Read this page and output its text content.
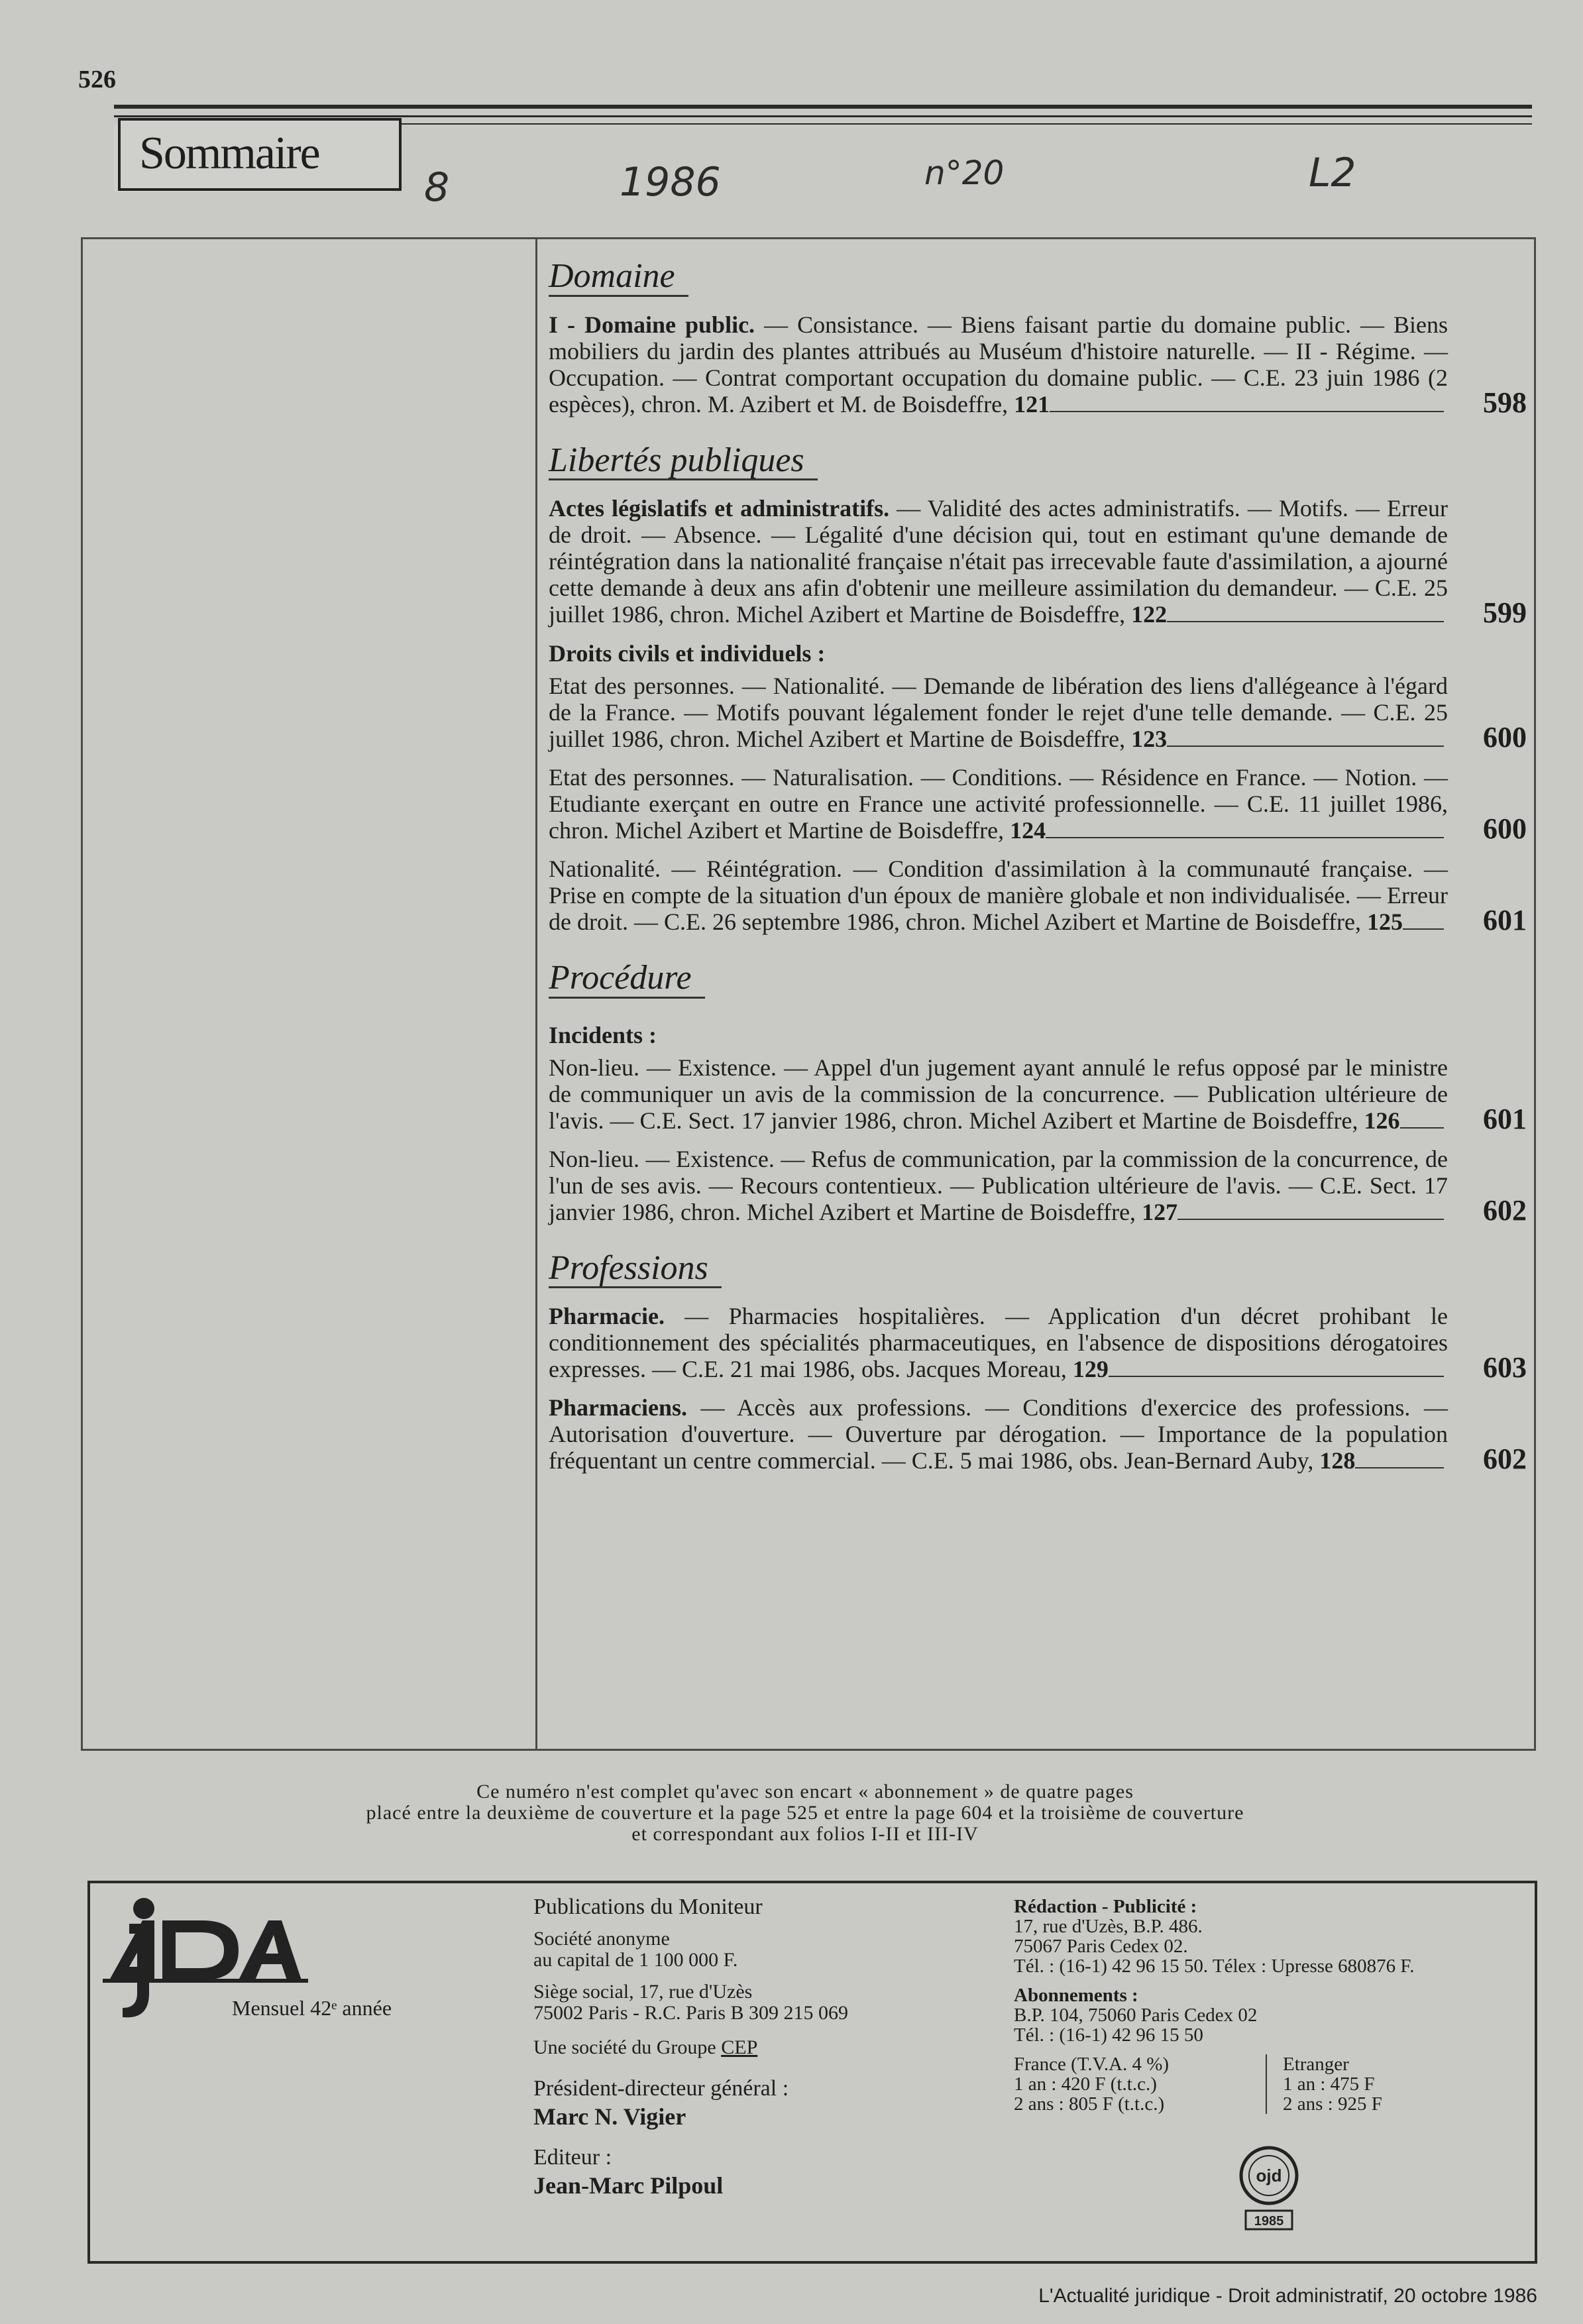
526
Sommaire
8	1986	n°20	L2
Domaine
I - Domaine public. — Consistance. — Biens faisant partie du domaine public. — Biens mobiliers du jardin des plantes attribués au Muséum d'histoire naturelle. — II - Régime. — Occupation. — Contrat comportant occupation du domaine public. — C.E. 23 juin 1986 (2 espèces), chron. M. Azibert et M. de Boisdeffre, 121	598
Libertés publiques
Actes législatifs et administratifs. — Validité des actes administratifs. — Motifs. — Erreur de droit. — Absence. — Légalité d'une décision qui, tout en estimant qu'une demande de réintégration dans la nationalité française n'était pas irrecevable faute d'assimilation, a ajourné cette demande à deux ans afin d'obtenir une meilleure assimilation du demandeur. — C.E. 25 juillet 1986, chron. Michel Azibert et Martine de Boisdeffre, 122	599
Droits civils et individuels :
Etat des personnes. — Nationalité. — Demande de libération des liens d'allégeance à l'égard de la France. — Motifs pouvant légalement fonder le rejet d'une telle demande. — C.E. 25 juillet 1986, chron. Michel Azibert et Martine de Boisdeffre, 123	600
Etat des personnes. — Naturalisation. — Conditions. — Résidence en France. — Notion. — Etudiante exerçant en outre en France une activité professionnelle. — C.E. 11 juillet 1986, chron. Michel Azibert et Martine de Boisdeffre, 124	600
Nationalité. — Réintégration. — Condition d'assimilation à la communauté française. — Prise en compte de la situation d'un époux de manière globale et non individualisée. — Erreur de droit. — C.E. 26 septembre 1986, chron. Michel Azibert et Martine de Boisdeffre, 125	601
Procédure
Incidents :
Non-lieu. — Existence. — Appel d'un jugement ayant annulé le refus opposé par le ministre de communiquer un avis de la commission de la concurrence. — Publication ultérieure de l'avis. — C.E. Sect. 17 janvier 1986, chron. Michel Azibert et Martine de Boisdeffre, 126	601
Non-lieu. — Existence. — Refus de communication, par la commission de la concurrence, de l'un de ses avis. — Recours contentieux. — Publication ultérieure de l'avis. — C.E. Sect. 17 janvier 1986, chron. Michel Azibert et Martine de Boisdeffre, 127	602
Professions
Pharmacie. — Pharmacies hospitalières. — Application d'un décret prohibant le conditionnement des spécialités pharmaceutiques, en l'absence de dispositions dérogatoires expresses. — C.E. 21 mai 1986, obs. Jacques Moreau, 129	603
Pharmaciens. — Accès aux professions. — Conditions d'exercice des professions. — Autorisation d'ouverture. — Ouverture par dérogation. — Importance de la population fréquentant un centre commercial. — C.E. 5 mai 1986, obs. Jean-Bernard Auby, 128	602
Ce numéro n'est complet qu'avec son encart « abonnement » de quatre pages
placé entre la deuxième de couverture et la page 525 et entre la page 604 et la troisième de couverture
et correspondant aux folios I-II et III-IV
Mensuel 42ᵉ année
Publications du Moniteur
Société anonyme
au capital de 1 100 000 F.
Siège social, 17, rue d'Uzès
75002 Paris - R.C. Paris B 309 215 069
Une société du Groupe CEP
Président-directeur général :
Marc N. Vigier
Editeur :
Jean-Marc Pilpoul
Rédaction - Publicité :
17, rue d'Uzès, B.P. 486.
75067 Paris Cedex 02.
Tél. : (16-1) 42 96 15 50. Télex : Upresse 680876 F.
Abonnements :
B.P. 104, 75060 Paris Cedex 02
Tél. : (16-1) 42 96 15 50
France (T.V.A. 4 %)
1 an : 420 F (t.t.c.)
2 ans : 805 F (t.t.c.)
Etranger
1 an : 475 F
2 ans : 925 F
ojd
1985
L'Actualité juridique - Droit administratif, 20 octobre 1986
